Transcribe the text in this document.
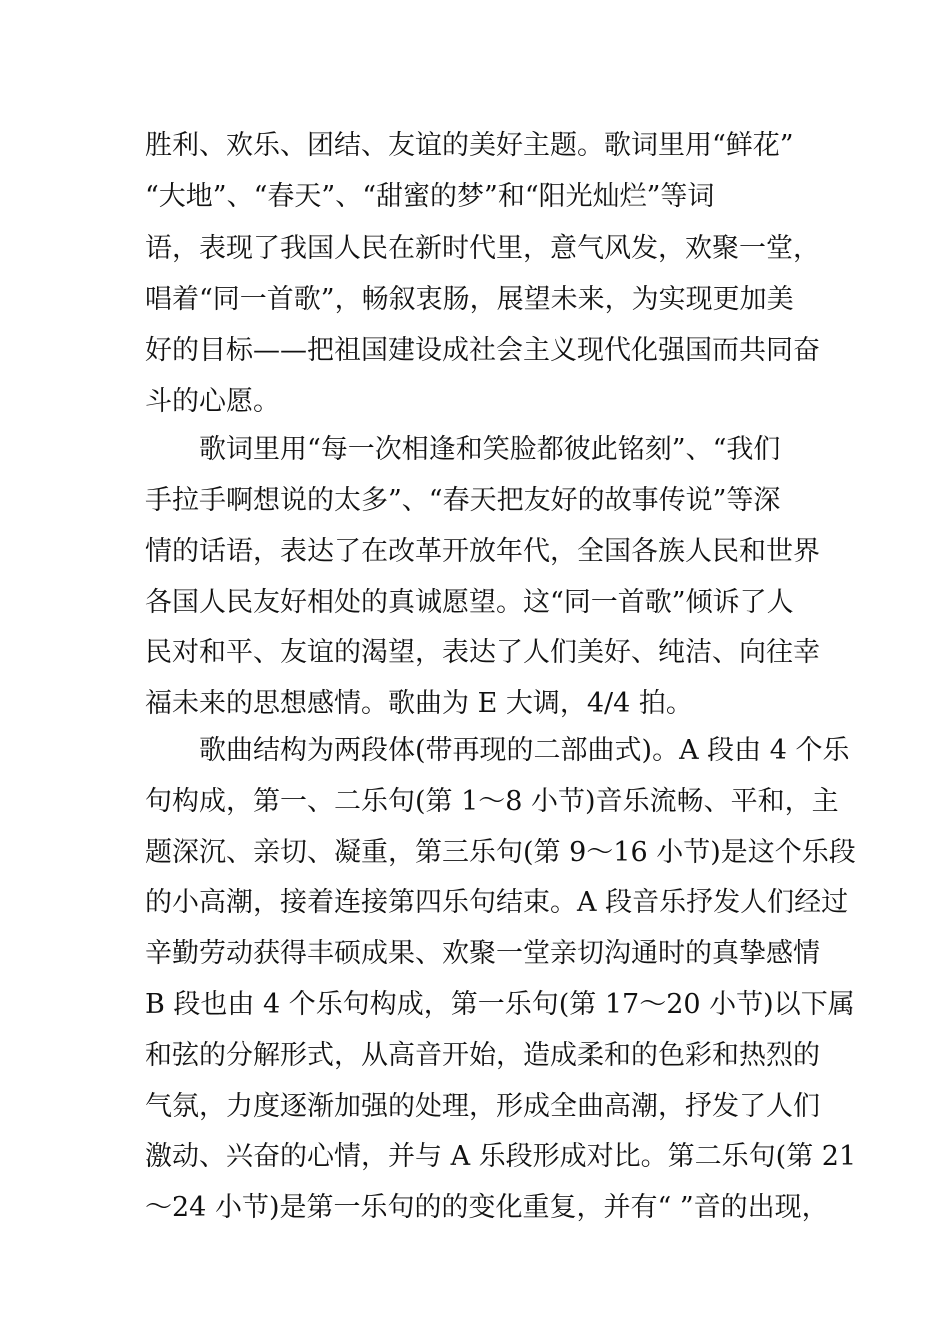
胜利、欢乐、团结、友谊的美好主题。歌词里用“鲜花”
“大地”、“春天”、“甜蜜的梦”和“阳光灿烂”等词
语，表现了我国人民在新时代里，意气风发，欢聚一堂，
唱着“同一首歌”，畅叙衷肠，展望未来，为实现更加美
好的目标——把祖国建设成社会主义现代化强国而共同奋
斗的心愿。
歌词里用“每一次相逢和笑脸都彼此铭刻”、“我们
手拉手啊想说的太多”、“春天把友好的故事传说”等深
情的话语，表达了在改革开放年代，全国各族人民和世界
各国人民友好相处的真诚愿望。这“同一首歌”倾诉了人
民对和平、友谊的渴望，表达了人们美好、纯洁、向往幸
福未来的思想感情。歌曲为 E 大调，4/4 拍。
歌曲结构为两段体(带再现的二部曲式)。A 段由 4 个乐
句构成，第一、二乐句(第 1～8 小节)音乐流畅、平和，主
题深沉、亲切、凝重，第三乐句(第 9～16 小节)是这个乐段
的小高潮，接着连接第四乐句结束。A 段音乐抒发人们经过
辛勤劳动获得丰硕成果、欢聚一堂亲切沟通时的真挚感情
B 段也由 4 个乐句构成，第一乐句(第 17～20 小节)以下属
和弦的分解形式，从高音开始，造成柔和的色彩和热烈的
气氛，力度逐渐加强的处理，形成全曲高潮，抒发了人们
激动、兴奋的心情，并与 A 乐段形成对比。第二乐句(第 21
～24 小节)是第一乐句的的变化重复，并有“ ”音的出现，
